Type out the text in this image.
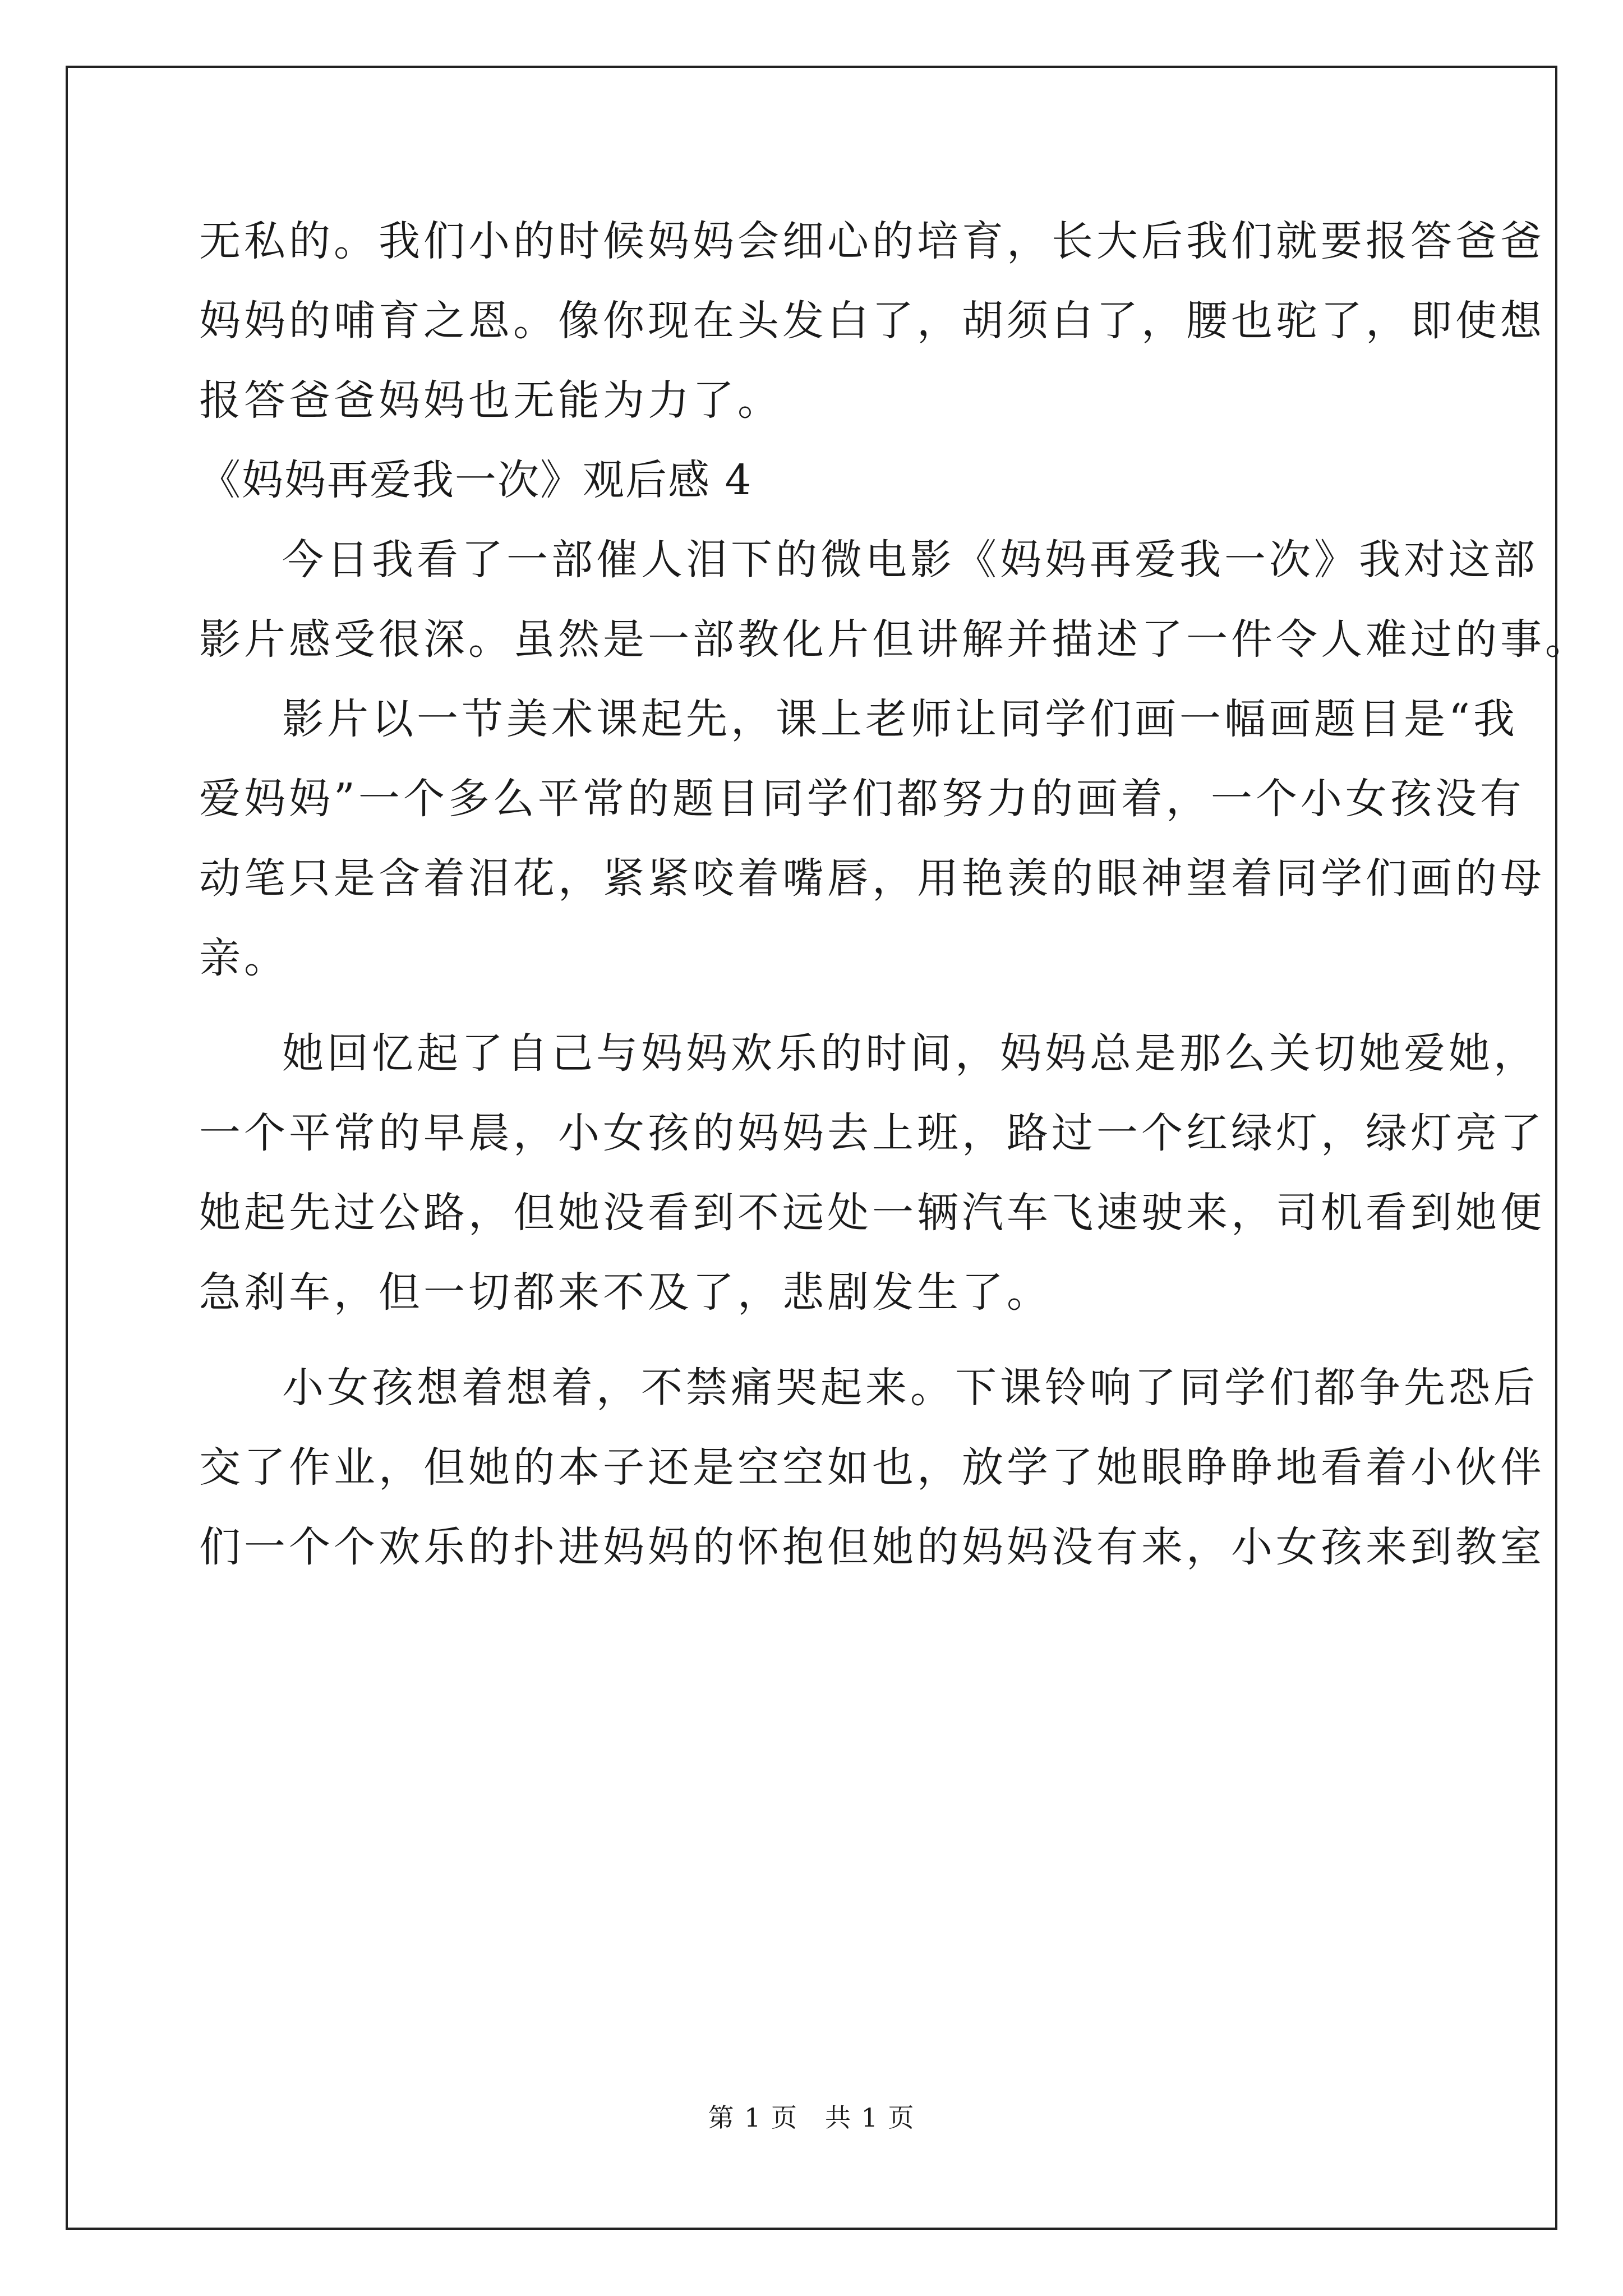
无私的。我们小的时候妈妈会细心的培育，长大后我们就要报答爸爸

妈妈的哺育之恩。像你现在头发白了，胡须白了，腰也驼了，即使想

报答爸爸妈妈也无能为力了。

《妈妈再爱我一次》观后感 4

今日我看了一部催人泪下的微电影《妈妈再爱我一次》我对这部

影片感受很深。虽然是一部教化片但讲解并描述了一件令人难过的事。

影片以一节美术课起先，课上老师让同学们画一幅画题目是“我

爱妈妈”一个多么平常的题目同学们都努力的画着，一个小女孩没有

动笔只是含着泪花，紧紧咬着嘴唇，用艳羡的眼神望着同学们画的母

亲。

她回忆起了自己与妈妈欢乐的时间，妈妈总是那么关切她爱她，

一个平常的早晨，小女孩的妈妈去上班，路过一个红绿灯，绿灯亮了

她起先过公路，但她没看到不远处一辆汽车飞速驶来，司机看到她便

急刹车，但一切都来不及了，悲剧发生了。

小女孩想着想着，不禁痛哭起来。下课铃响了同学们都争先恐后

交了作业，但她的本子还是空空如也，放学了她眼睁睁地看着小伙伴

们一个个欢乐的扑进妈妈的怀抱但她的妈妈没有来，小女孩来到教室

第 1 页 共 1 页
